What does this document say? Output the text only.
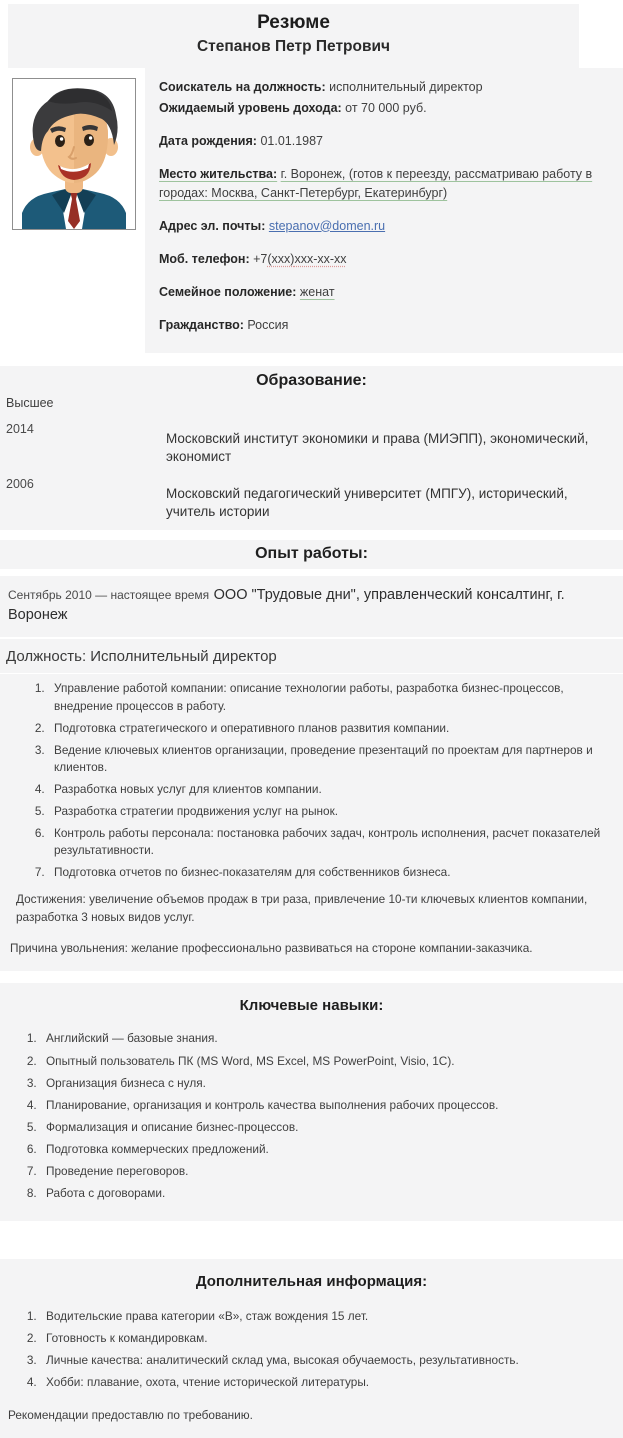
Резюме
Степанов Петр Петрович

Соискатель на должность: исполнительный директор

Ожидаемый уровень дохода: от 70 000 руб.

Дата рождения: 01.01.1987

Место жительства: г. Воронеж, (готов к переезду, рассматриваю работу в городах: Москва, Санкт-Петербург, Екатеринбург)

Адрес эл. почты: stepanov@domen.ru

Моб. телефон: +7(xxx)xxx-xx-xx

Семейное положение: женат

Гражданство: Россия

Образование:
Высшее
2014
Московский институт экономики и права (МИЭПП), экономический, экономист
2006
Московский педагогический университет (МПГУ), исторический, учитель истории
Опыт работы:
Сентябрь 2010 — настоящее время ООО "Трудовые дни", управленческий консалтинг, г. Воронеж
Должность: Исполнительный директор
1. Управление работой компании: описание технологии работы, разработка бизнес-процессов, внедрение процессов в работу.
2. Подготовка стратегического и оперативного планов развития компании.
3. Ведение ключевых клиентов организации, проведение презентаций по проектам для партнеров и клиентов.
4. Разработка новых услуг для клиентов компании.
5. Разработка стратегии продвижения услуг на рынок.
6. Контроль работы персонала: постановка рабочих задач, контроль исполнения, расчет показателей результативности.
7. Подготовка отчетов по бизнес-показателям для собственников бизнеса.

Достижения: увеличение объемов продаж в три раза, привлечение 10-ти ключевых клиентов компании, разработка 3 новых видов услуг.

Причина увольнения: желание профессионально развиваться на стороне компании-заказчика.

Ключевые навыки:
1. Английский — базовые знания.
2. Опытный пользователь ПК (MS Word, MS Excel, MS PowerPoint, Visio, 1С).
3. Организация бизнеса с нуля.
4. Планирование, организация и контроль качества выполнения рабочих процессов.
5. Формализация и описание бизнес-процессов.
6. Подготовка коммерческих предложений.
7. Проведение переговоров.
8. Работа с договорами.
Дополнительная информация:
1. Водительские права категории «В», стаж вождения 15 лет.
2. Готовность к командировкам.
3. Личные качества: аналитический склад ума, высокая обучаемость, результативность.
4. Хобби: плавание, охота, чтение исторической литературы.

Рекомендации предоставлю по требованию.
